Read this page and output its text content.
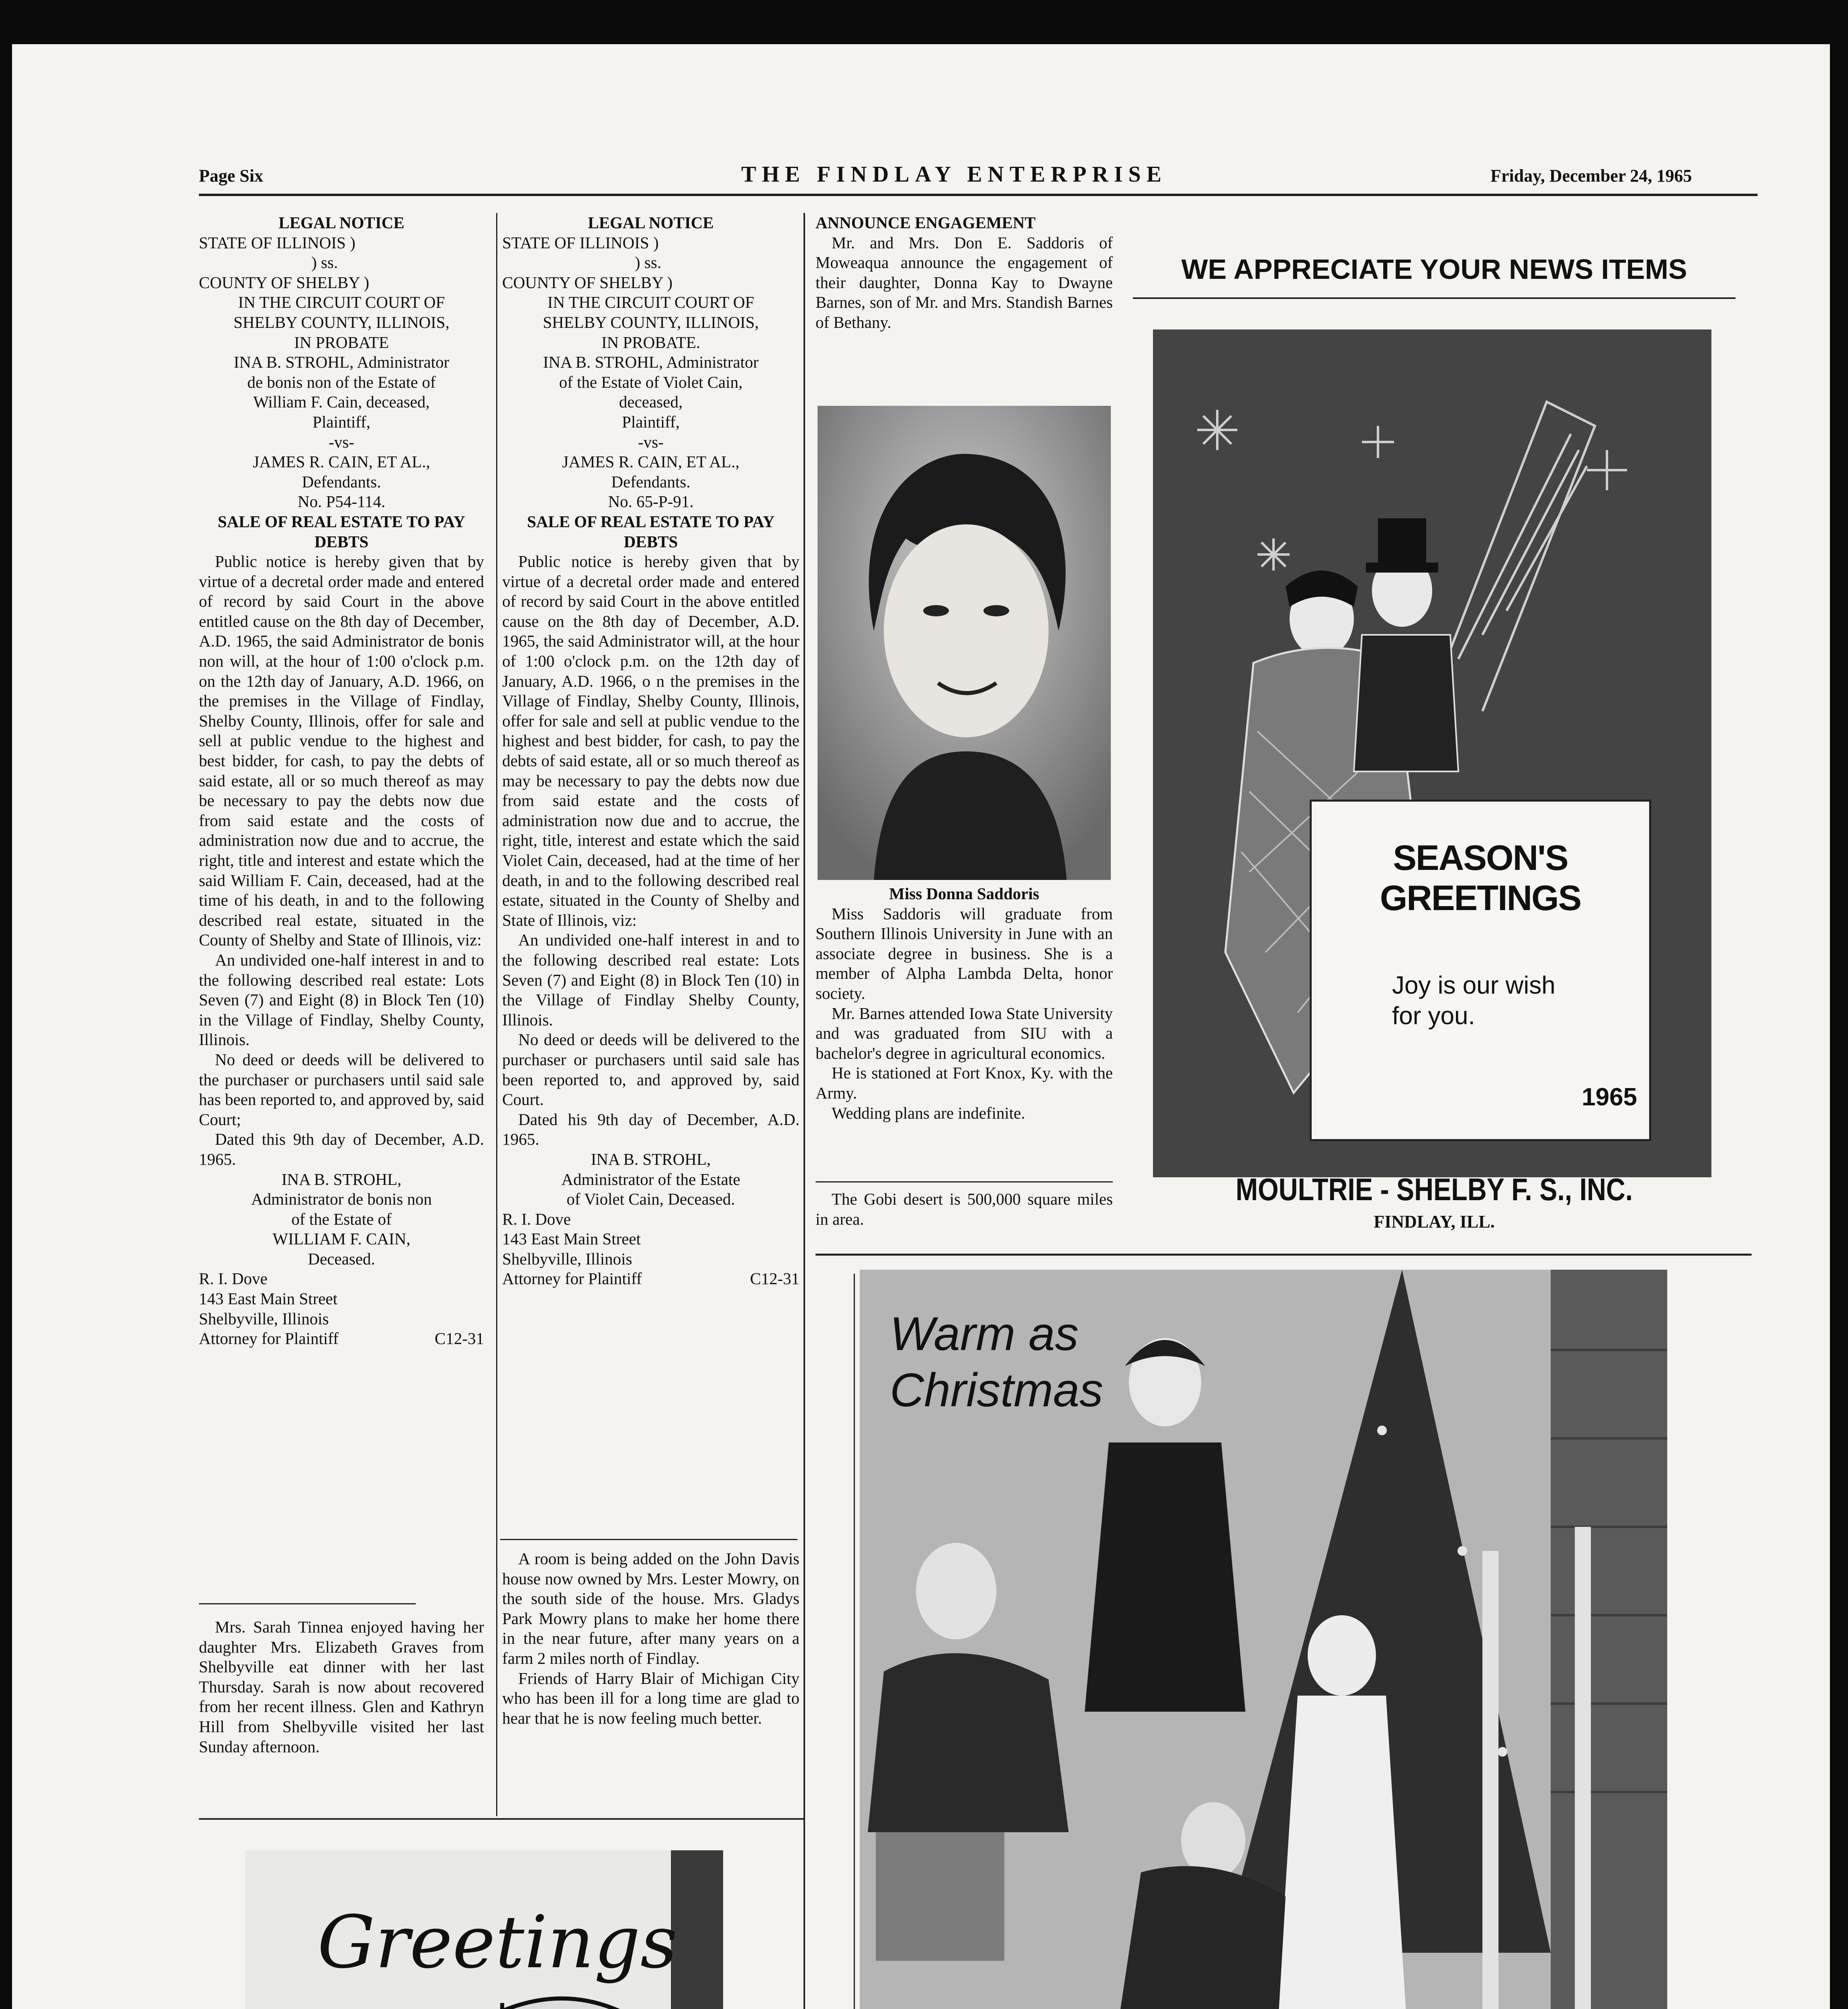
Page Six	THE FINDLAY ENTERPRISE	Friday, December 24, 1965
LEGAL NOTICE
STATE OF ILLINOIS )
) ss.
COUNTY OF SHELBY )
IN THE CIRCUIT COURT OF
SHELBY COUNTY, ILLINOIS,
IN PROBATE
INA B. STROHL, Administrator
de bonis non of the Estate of
William F. Cain, deceased,
Plaintiff,
-vs-
JAMES R. CAIN, ET AL.,
Defendants.
No. P54-114.
SALE OF REAL ESTATE TO PAY DEBTS

Public notice is hereby given that by virtue of a decretal order made and entered of record by said Court in the above entitled cause on the 8th day of December, A.D. 1965, the said Administrator de bonis non will, at the hour of 1:00 o'clock p.m. on the 12th day of January, A.D. 1966, on the premises in the Village of Findlay, Shelby County, Illinois, offer for sale and sell at public vendue to the highest and best bidder, for cash, to pay the debts of said estate, all or so much thereof as may be necessary to pay the debts now due from said estate and the costs of administration now due and to accrue, the right, title and interest and estate which the said William F. Cain, deceased, had at the time of his death, in and to the following described real estate, situated in the County of Shelby and State of Illinois, viz:

An undivided one-half interest in and to the following described real estate: Lots Seven (7) and Eight (8) in Block Ten (10) in the Village of Findlay, Shelby County, Illinois.

No deed or deeds will be delivered to the purchaser or purchasers until said sale has been reported to, and approved by, said Court;

Dated this 9th day of December, A.D. 1965.

INA B. STROHL,
Administrator de bonis non
of the Estate of
WILLIAM F. CAIN,
Deceased.
R. I. Dove
143 East Main Street
Shelbyville, Illinois
Attorney for Plaintiff	C12-31

Mrs. Sarah Tinnea enjoyed having her daughter Mrs. Elizabeth Graves from Shelbyville eat dinner with her last Thursday. Sarah is now about recovered from her recent illness. Glen and Kathryn Hill from Shelbyville visited her last Sunday afternoon.

LEGAL NOTICE
STATE OF ILLINOIS )
) ss.
COUNTY OF SHELBY )
IN THE CIRCUIT COURT OF
SHELBY COUNTY, ILLINOIS,
IN PROBATE.
INA B. STROHL, Administrator
of the Estate of Violet Cain,
deceased,
Plaintiff,
-vs-
JAMES R. CAIN, ET AL.,
Defendants.
No. 65-P-91.
SALE OF REAL ESTATE TO PAY DEBTS

Public notice is hereby given that by virtue of a decretal order made and entered of record by said Court in the above entitled cause on the 8th day of December, A.D. 1965, the said Administrator will, at the hour of 1:00 o'clock p.m. on the 12th day of January, A.D. 1966, o n the premises in the Village of Findlay, Shelby County, Illinois, offer for sale and sell at public vendue to the highest and best bidder, for cash, to pay the debts of said estate, all or so much thereof as may be necessary to pay the debts now due from said estate and the costs of administration now due and to accrue, the right, title, interest and estate which the said Violet Cain, deceased, had at the time of her death, in and to the following described real estate, situated in the County of Shelby and State of Illinois, viz:

An undivided one-half interest in and to the following described real estate: Lots Seven (7) and Eight (8) in Block Ten (10) in the Village of Findlay Shelby County, Illinois.

No deed or deeds will be delivered to the purchaser or purchasers until said sale has been reported to, and approved by, said Court.

Dated his 9th day of December, A.D. 1965.

INA B. STROHL,
Administrator of the Estate
of Violet Cain, Deceased.
R. I. Dove
143 East Main Street
Shelbyville, Illinois
Attorney for Plaintiff	C12-31

A room is being added on the John Davis house now owned by Mrs. Lester Mowry, on the south side of the house. Mrs. Gladys Park Mowry plans to make her home there in the near future, after many years on a farm 2 miles north of Findlay.

Friends of Harry Blair of Michigan City who has been ill for a long time are glad to hear that he is now feeling much better.

ANNOUNCE ENGAGEMENT

Mr. and Mrs. Don E. Saddoris of Moweaqua announce the engagement of their daughter, Donna Kay to Dwayne Barnes, son of Mr. and Mrs. Standish Barnes of Bethany.

Miss Donna Saddoris

Miss Saddoris will graduate from Southern Illinois University in June with an associate degree in business. She is a member of Alpha Lambda Delta, honor society.

Mr. Barnes attended Iowa State University and was graduated from SIU with a bachelor's degree in agricultural economics.

He is stationed at Fort Knox, Ky. with the Army.

Wedding plans are indefinite.

The Gobi desert is 500,000 square miles in area.

WE APPRECIATE YOUR NEWS ITEMS
SEASON'S GREETINGS
Joy is our wish for you.
1965
MOULTRIE - SHELBY F. S., INC.
FINDLAY, ILL.
Warm as Christmas
Greetings
